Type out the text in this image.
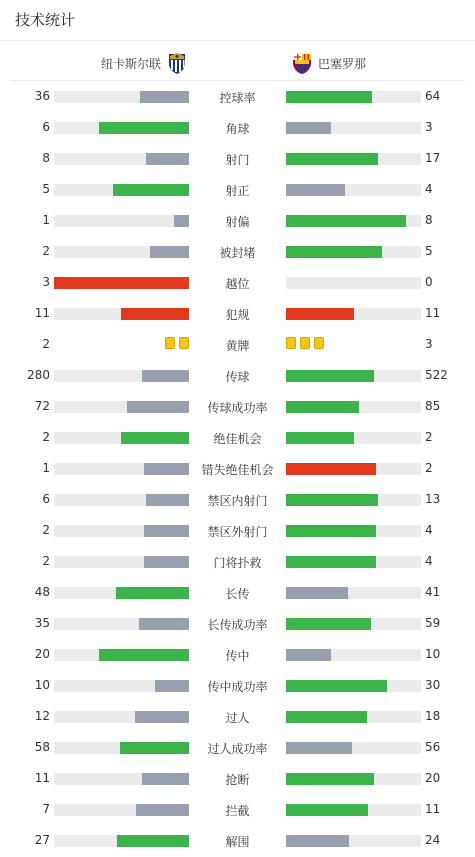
技术统计
纽卡斯尔联	巴塞罗那
36	控球率	64
6	角球	3
8	射门	17
5	射正	4
1	射偏	8
2	被封堵	5
3	越位	0
11	犯规	11
2	黄牌	3
280	传球	522
72	传球成功率	85
2	绝佳机会	2
1	错失绝佳机会	2
6	禁区内射门	13
2	禁区外射门	4
2	门将扑救	4
48	长传	41
35	长传成功率	59
20	传中	10
10	传中成功率	30
12	过人	18
58	过人成功率	56
11	抢断	20
7	拦截	11
27	解围	24
